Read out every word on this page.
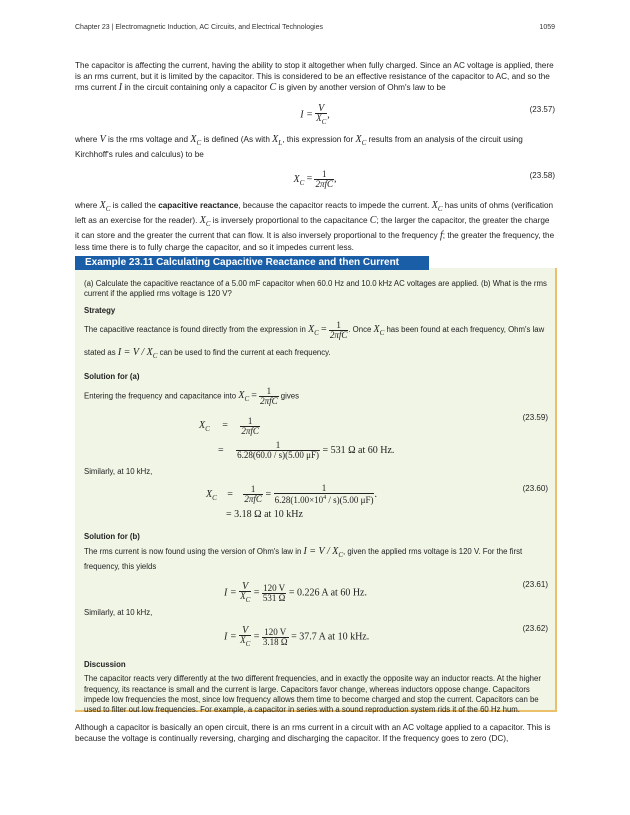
Chapter 23 | Electromagnetic Induction, AC Circuits, and Electrical Technologies	1059

The capacitor is affecting the current, having the ability to stop it altogether when fully charged. Since an AC voltage is applied, there is an rms current, but it is limited by the capacitor. This is considered to be an effective resistance of the capacitor to AC, and so the rms current I in the circuit containing only a capacitor C is given by another version of Ohm's law to be

$I = \frac{V}{X_C}$ ,
(23.57)

where V is the rms voltage and $X_C$ is defined (As with $X_L$, this expression for $X_C$ results from an analysis of the circuit using Kirchhoff's rules and calculus) to be

$X_C = \frac{1}{\text{2πfC}}$ ,	(23.58)

where $X_C$ is called the capacitive reactance, because the capacitor reacts to impede the current. $X_C$ has units of ohms (verification left as an exercise for the reader). $X_C$ is inversely proportional to the capacitance C; the larger the capacitor, the greater the charge it can store and the greater the current that can flow. It is also inversely proportional to the frequency f; the greater the frequency, the less time there is to fully charge the capacitor, and so it impedes current less.

Example 23.11 Calculating Capacitive Reactance and then Current

(a) Calculate the capacitive reactance of a 5.00 mF capacitor when 60.0 Hz and 10.0 kHz AC voltages are applied. (b) What is the rms current if the applied rms voltage is 120 V?

Strategy

The capacitive reactance is found directly from the expression in $X_C = \frac{1}{\text{2πfC}}$ . Once $X_C$ has been found at each frequency, Ohm's law stated as $I = V / X_C$ can be used to find the current at each frequency.

Solution for (a)

Entering the frequency and capacitance into $X_C = \frac{1}{\text{2πfC}}$ gives

$X_C = \frac{1}{\text{2πfC}}$
= $\frac{1}{6.28(60.0 / s)(5.00 \mu F)} = 531$ Ω at 60 Hz.
(23.59)

Similarly, at 10 kHz,

$X_C = \frac{1}{\text{2πfC}} = \frac{1}{6.28(1.00\times 10^4 / s)(5.00 \mu F)}$ .
= 3.18 Ω at 10 kHz
(23.60)
Solution for (b)

The rms current is now found using the version of Ohm's law in $I = V / X_C$, given the applied rms voltage is 120 V. For the first frequency, this yields

$I = \frac{V}{X_C} = \frac{120 V}{531 \Omega} = 0.226$ A at 60 Hz.
(23.61)

Similarly, at 10 kHz,

$I = \frac{V}{X_C} = \frac{120 V}{3.18 \Omega} = 37.7$ A at 10 kHz.
(23.62)
Discussion

The capacitor reacts very differently at the two different frequencies, and in exactly the opposite way an inductor reacts. At the higher frequency, its reactance is small and the current is large. Capacitors favor change, whereas inductors oppose change. Capacitors impede low frequencies the most, since low frequency allows them time to become charged and stop the current. Capacitors can be used to filter out low frequencies. For example, a capacitor in series with a sound reproduction system rids it of the 60 Hz hum.

Although a capacitor is basically an open circuit, there is an rms current in a circuit with an AC voltage applied to a capacitor. This is because the voltage is continually reversing, charging and discharging the capacitor. If the frequency goes to zero (DC),
